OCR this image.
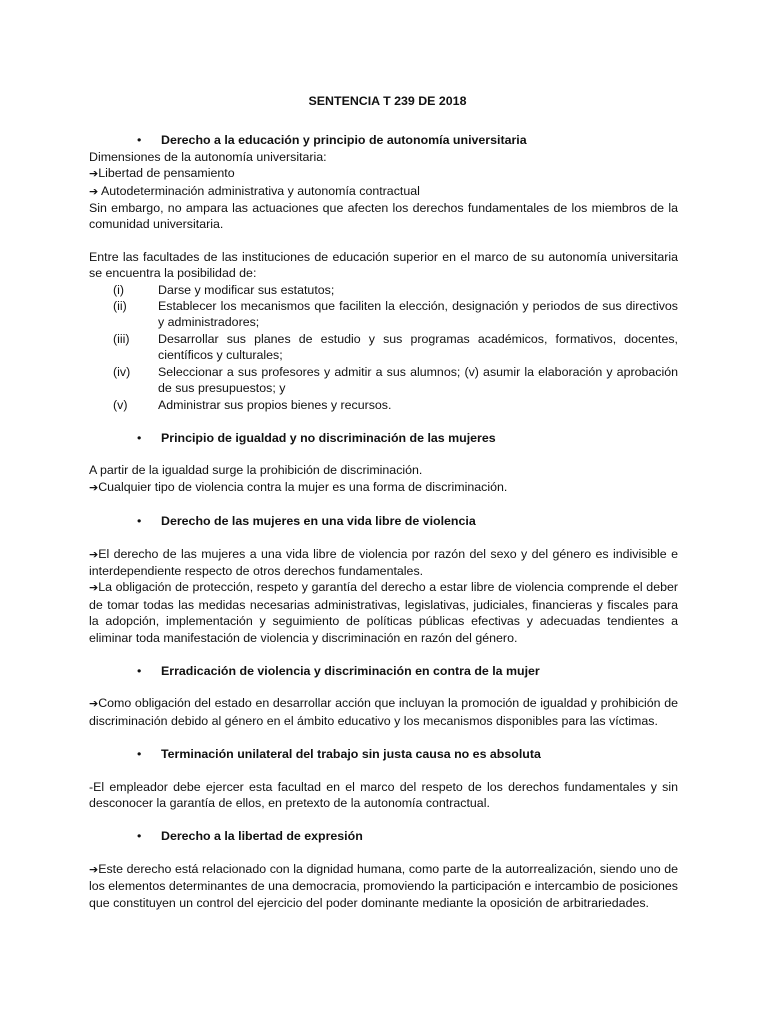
SENTENCIA T 239 DE 2018
•	Derecho a la educación y principio de autonomía universitaria

Dimensiones de la autonomía universitaria:

➔Libertad de pensamiento

➔ Autodeterminación administrativa y autonomía contractual

Sin embargo, no ampara las actuaciones que afecten los derechos fundamentales de los miembros de la comunidad universitaria.

Entre las facultades de las instituciones de educación superior en el marco de su autonomía universitaria se encuentra la posibilidad de:

(i)	Darse y modificar sus estatutos;
(ii)	Establecer los mecanismos que faciliten la elección, designación y periodos de sus directivos y administradores;
(iii)	Desarrollar sus planes de estudio y sus programas académicos, formativos, docentes, científicos y culturales;
(iv)	Seleccionar a sus profesores y admitir a sus alumnos; (v) asumir la elaboración y aprobación de sus presupuestos; y
(v)	Administrar sus propios bienes y recursos.
•	Principio de igualdad y no discriminación de las mujeres

A partir de la igualdad surge la prohibición de discriminación.

➔Cualquier tipo de violencia contra la mujer es una forma de discriminación.

•	Derecho de las mujeres en una vida libre de violencia

➔El derecho de las mujeres a una vida libre de violencia por razón del sexo y del género es indivisible e interdependiente respecto de otros derechos fundamentales.

➔La obligación de protección, respeto y garantía del derecho a estar libre de violencia comprende el deber de tomar todas las medidas necesarias administrativas, legislativas, judiciales, financieras y fiscales para la adopción, implementación y seguimiento de políticas públicas efectivas y adecuadas tendientes a eliminar toda manifestación de violencia y discriminación en razón del género.

•	Erradicación de violencia y discriminación en contra de la mujer

➔Como obligación del estado en desarrollar acción que incluyan la promoción de igualdad y prohibición de discriminación debido al género en el ámbito educativo y los mecanismos disponibles para las víctimas.

•	Terminación unilateral del trabajo sin justa causa no es absoluta

-El empleador debe ejercer esta facultad en el marco del respeto de los derechos fundamentales y sin desconocer la garantía de ellos, en pretexto de la autonomía contractual.

•	Derecho a la libertad de expresión

➔Este derecho está relacionado con la dignidad humana, como parte de la autorrealización, siendo uno de los elementos determinantes de una democracia, promoviendo la participación e intercambio de posiciones que constituyen un control del ejercicio del poder dominante mediante la oposición de arbitrariedades.
